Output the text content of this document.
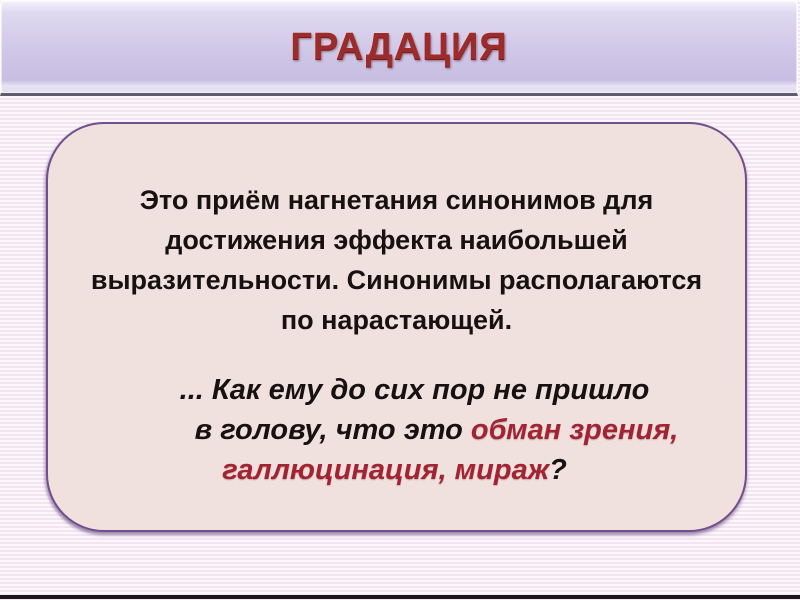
ГРАДАЦИЯ
Это приём нагнетания синонимов для
достижения эффекта наибольшей
выразительности. Синонимы располагаются
по нарастающей.
... Как ему до сих пор не пришло
в голову, что это обман зрения,
галлюцинация, мираж?
